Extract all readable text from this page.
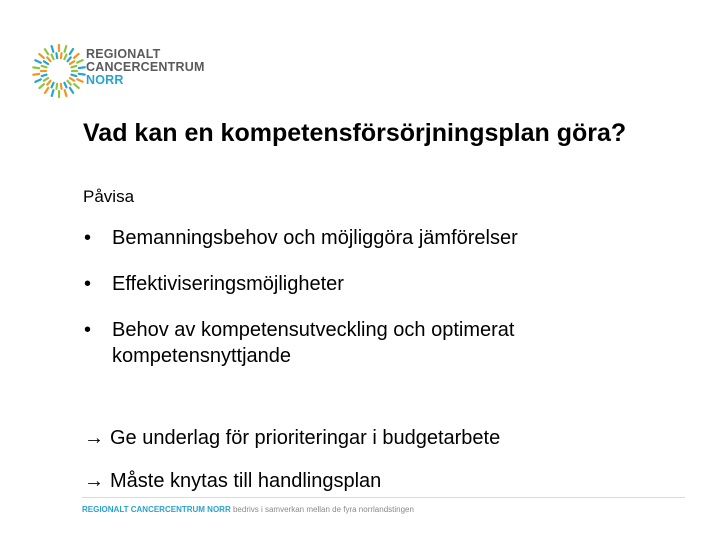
REGIONALT
CANCERCENTRUM
NORR
Vad kan en kompetensförsörjningsplan göra?
Påvisa
• Bemanningsbehov och möjliggöra jämförelser
• Effektiviseringsmöjligheter
• Behov av kompetensutveckling och optimerat kompetensnyttjande
→ Ge underlag för prioriteringar i budgetarbete
→ Måste knytas till handlingsplan
REGIONALT CANCERCENTRUM NORR bedrivs i samverkan mellan de fyra norrlandstingen
